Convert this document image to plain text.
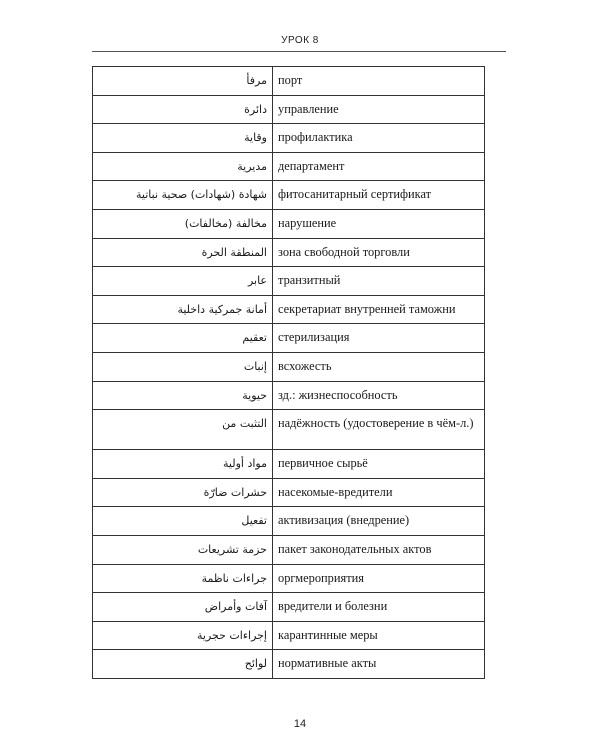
УРОК 8
مرفأ	порт
دائرة	управление
وقاية	профилактика
مديرية	департамент
شهادة (شهادات) صحية نباتية	фитосанитарный сертификат
مخالفة (مخالفات)	нарушение
المنطقة الحرة	зона свободной торговли
عابر	транзитный
أمانة جمركية داخلية	секретариат внутренней таможни
تعقيم	стерилизация
إنبات	всхожесть
حيوية	зд.: жизнеспособность
التثبت من	надёжность (удостоверение в чём-л.)
مواد أولية	первичное сырьё
حشرات ضارّة	насекомые-вредители
تفعيل	активизация (внедрение)
حزمة تشريعات	пакет законодательных актов
جراءات ناظمة	оргмероприятия
آفات وأمراض	вредители и болезни
إجراءات حجرية	карантинные меры
لوائح	нормативные акты
14
